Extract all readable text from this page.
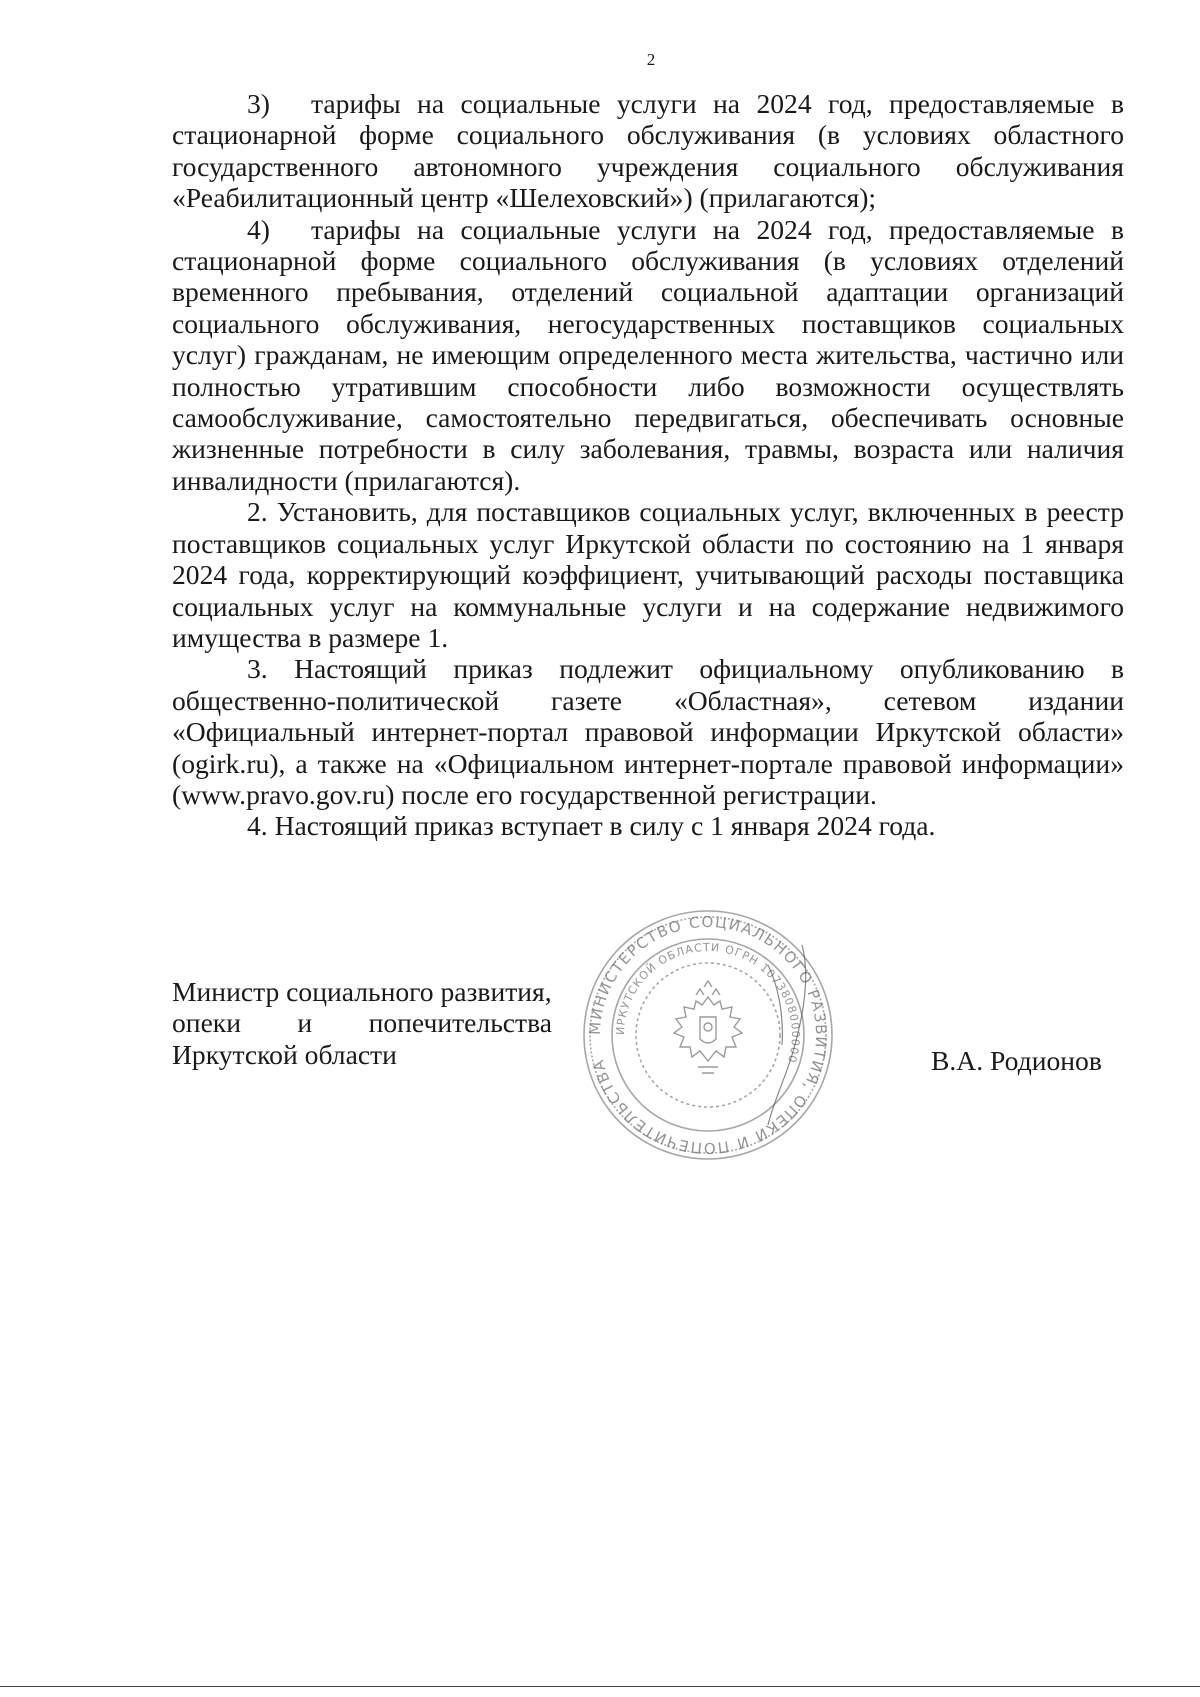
2

3) тарифы на социальные услуги на 2024 год, предоставляемые в стационарной форме социального обслуживания (в условиях областного государственного автономного учреждения социального обслуживания «Реабилитационный центр «Шелеховский») (прилагаются);

4) тарифы на социальные услуги на 2024 год, предоставляемые в стационарной форме социального обслуживания (в условиях отделений временного пребывания, отделений социальной адаптации организаций социального обслуживания, негосударственных поставщиков социальных услуг) гражданам, не имеющим определенного места жительства, частично или полностью утратившим способности либо возможности осуществлять самообслуживание, самостоятельно передвигаться, обеспечивать основные жизненные потребности в силу заболевания, травмы, возраста или наличия инвалидности (прилагаются).

2. Установить, для поставщиков социальных услуг, включенных в реестр поставщиков социальных услуг Иркутской области по состоянию на 1 января 2024 года, корректирующий коэффициент, учитывающий расходы поставщика социальных услуг на коммунальные услуги и на содержание недвижимого имущества в размере 1.

3. Настоящий приказ подлежит официальному опубликованию в общественно-политической газете «Областная», сетевом издании «Официальный интернет-портал правовой информации Иркутской области» (ogirk.ru), а также на «Официальном интернет-портале правовой информации» (www.pravo.gov.ru) после его государственной регистрации.

4. Настоящий приказ вступает в силу с 1 января 2024 года.

Министр социального развития,
опеки и попечительства
Иркутской области
МИНИСТЕРСТВО СОЦИАЛЬНОГО РАЗВИТИЯ, ОПЕКИ И ПОПЕЧИТЕЛЬСТВА
ИРКУТСКОЙ ОБЛАСТИ ОГРН 1073808000000	В.А. Родионов
